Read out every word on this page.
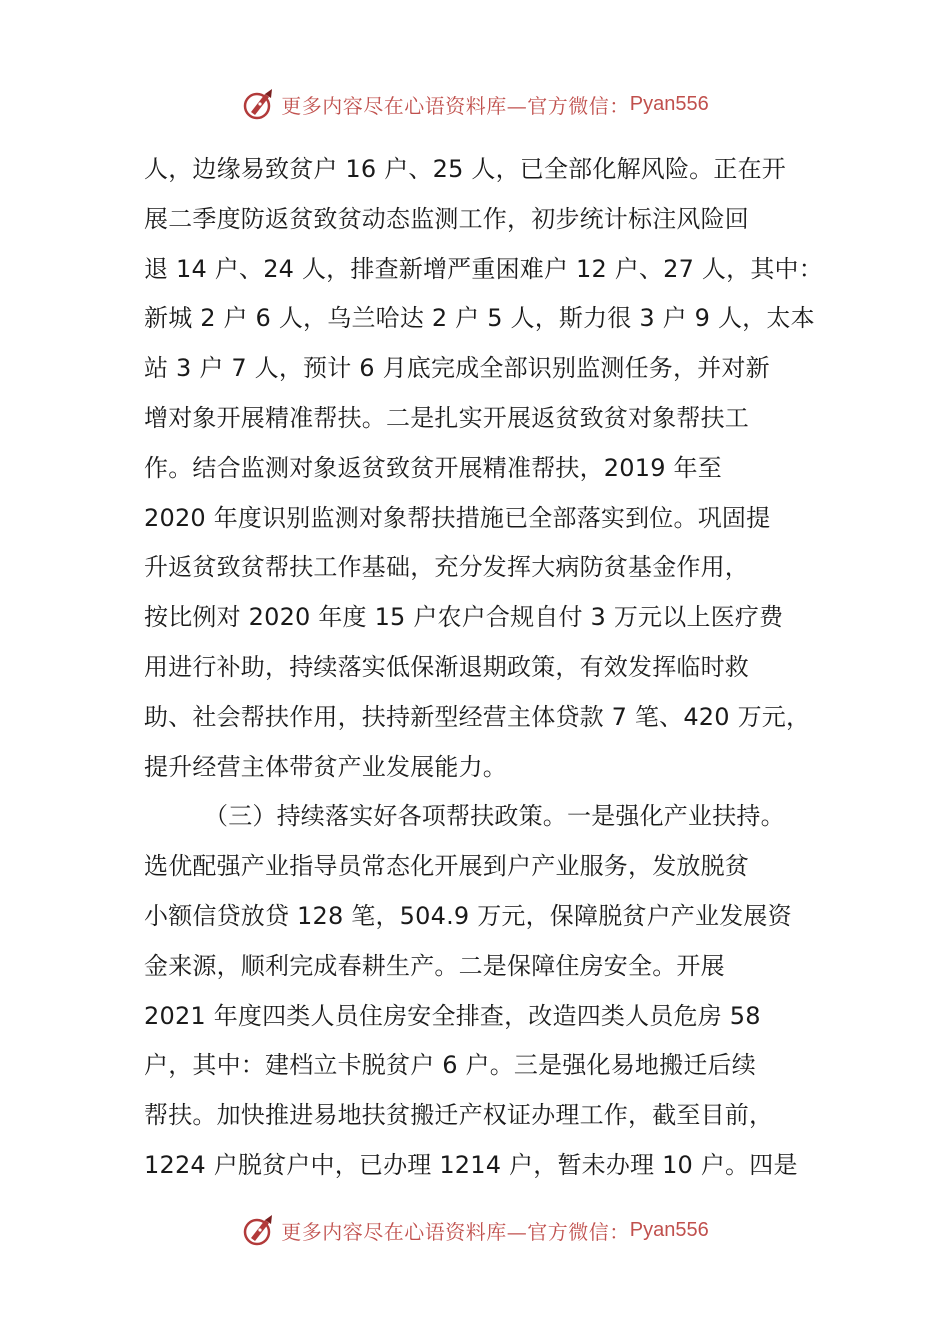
更多内容尽在心语资料库—官方微信： Pyan556
人，边缘易致贫户 16 户、25 人，已全部化解风险。正在开
展二季度防返贫致贫动态监测工作，初步统计标注风险回
退 14 户、24 人，排查新增严重困难户 12 户、27 人，其中：
新城 2 户 6 人，乌兰哈达 2 户 5 人，斯力很 3 户 9 人，太本
站 3 户 7 人，预计 6 月底完成全部识别监测任务，并对新
增对象开展精准帮扶。二是扎实开展返贫致贫对象帮扶工
作。结合监测对象返贫致贫开展精准帮扶，2019 年至
2020 年度识别监测对象帮扶措施已全部落实到位。巩固提
升返贫致贫帮扶工作基础，充分发挥大病防贫基金作用，
按比例对 2020 年度 15 户农户合规自付 3 万元以上医疗费
用进行补助，持续落实低保渐退期政策，有效发挥临时救
助、社会帮扶作用，扶持新型经营主体贷款 7 笔、420 万元，
提升经营主体带贫产业发展能力。
（三）持续落实好各项帮扶政策。一是强化产业扶持。
选优配强产业指导员常态化开展到户产业服务，发放脱贫
小额信贷放贷 128 笔，504.9 万元，保障脱贫户产业发展资
金来源，顺利完成春耕生产。二是保障住房安全。开展
2021 年度四类人员住房安全排查，改造四类人员危房 58
户，其中：建档立卡脱贫户 6 户。三是强化易地搬迁后续
帮扶。加快推进易地扶贫搬迁产权证办理工作，截至目前，
1224 户脱贫户中，已办理 1214 户，暂未办理 10 户。四是
更多内容尽在心语资料库—官方微信： Pyan556
